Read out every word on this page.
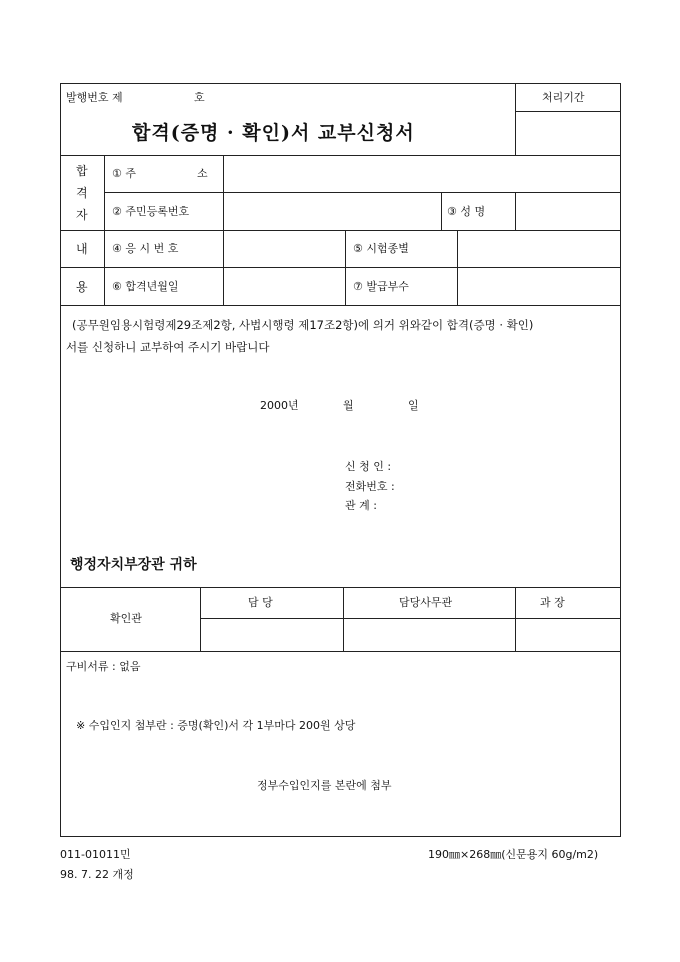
발행번호 제	호	처리기간
합격(증명 · 확인)서 교부신청서
합
격
자
① 주	소
② 주민등록번호	③ 성 명
내
용
④ 응 시 번 호	⑤ 시험종별
⑥ 합격년월일	⑦ 발급부수
(공무원임용시험령제29조제2항, 사법시행령 제17조2항)에 의거 위와같이 합격(증명 · 확인)
서를 신청하니 교부하여 주시기 바랍니다
2000년	월	일
신 청 인 :
전화번호 :
관 계 :
행정자치부장관 귀하
확인관
담 당	담당사무관	과 장
구비서류 : 없음
※ 수입인지 첨부란 : 증명(확인)서 각 1부마다 200원 상당
정부수입인지를 본란에 첨부
011-01011민
98. 7. 22 개정
190㎜×268㎜(신문용지 60g/m2)
